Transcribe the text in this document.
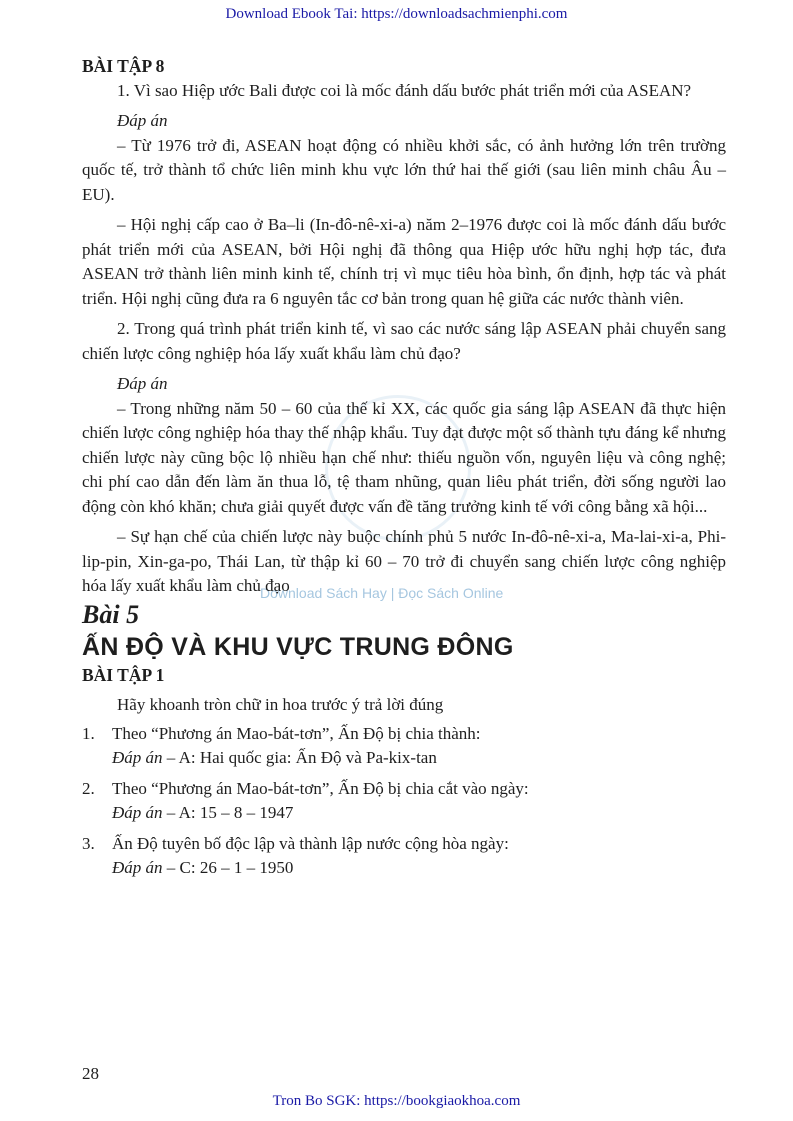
Download Ebook Tai: https://downloadsachmienphi.com
Download Sách Hay | Đọc Sách Online

BÀI TẬP 8

1. Vì sao Hiệp ước Bali được coi là mốc đánh dấu bước phát triển mới của ASEAN?

Đáp án

– Từ 1976 trở đi, ASEAN hoạt động có nhiều khởi sắc, có ảnh hưởng lớn trên trường quốc tế, trở thành tổ chức liên minh khu vực lớn thứ hai thế giới (sau liên minh châu Âu – EU).

– Hội nghị cấp cao ở Ba–li (In-đô-nê-xi-a) năm 2–1976 được coi là mốc đánh dấu bước phát triển mới của ASEAN, bởi Hội nghị đã thông qua Hiệp ước hữu nghị hợp tác, đưa ASEAN trở thành liên minh kinh tế, chính trị vì mục tiêu hòa bình, ổn định, hợp tác và phát triển. Hội nghị cũng đưa ra 6 nguyên tắc cơ bản trong quan hệ giữa các nước thành viên.

2. Trong quá trình phát triển kinh tế, vì sao các nước sáng lập ASEAN phải chuyển sang chiến lược công nghiệp hóa lấy xuất khẩu làm chủ đạo?

Đáp án

– Trong những năm 50 – 60 của thế kỉ XX, các quốc gia sáng lập ASEAN đã thực hiện chiến lược công nghiệp hóa thay thế nhập khẩu. Tuy đạt được một số thành tựu đáng kể nhưng chiến lược này cũng bộc lộ nhiều hạn chế như: thiếu nguồn vốn, nguyên liệu và công nghệ; chi phí cao dẫn đến làm ăn thua lỗ, tệ tham nhũng, quan liêu phát triển, đời sống người lao động còn khó khăn; chưa giải quyết được vấn đề tăng trưởng kinh tế với công bằng xã hội...

– Sự hạn chế của chiến lược này buộc chính phủ 5 nước In-đô-nê-xi-a, Ma-lai-xi-a, Phi-lip-pin, Xin-ga-po, Thái Lan, từ thập kỉ 60 – 70 trở đi chuyển sang chiến lược công nghiệp hóa lấy xuất khẩu làm chủ đạo

Bài 5

ẤN ĐỘ VÀ KHU VỰC TRUNG ĐÔNG

BÀI TẬP 1

Hãy khoanh tròn chữ in hoa trước ý trả lời đúng

1.	Theo “Phương án Mao-bát-tơn”, Ấn Độ bị chia thành:

Đáp án – A: Hai quốc gia: Ấn Độ và Pa-kix-tan

2.	Theo “Phương án Mao-bát-tơn”, Ấn Độ bị chia cắt vào ngày:

Đáp án – A: 15 – 8 – 1947

3.	Ấn Độ tuyên bố độc lập và thành lập nước cộng hòa ngày:

Đáp án – C: 26 – 1 – 1950

28
Tron Bo SGK: https://bookgiaokhoa.com
